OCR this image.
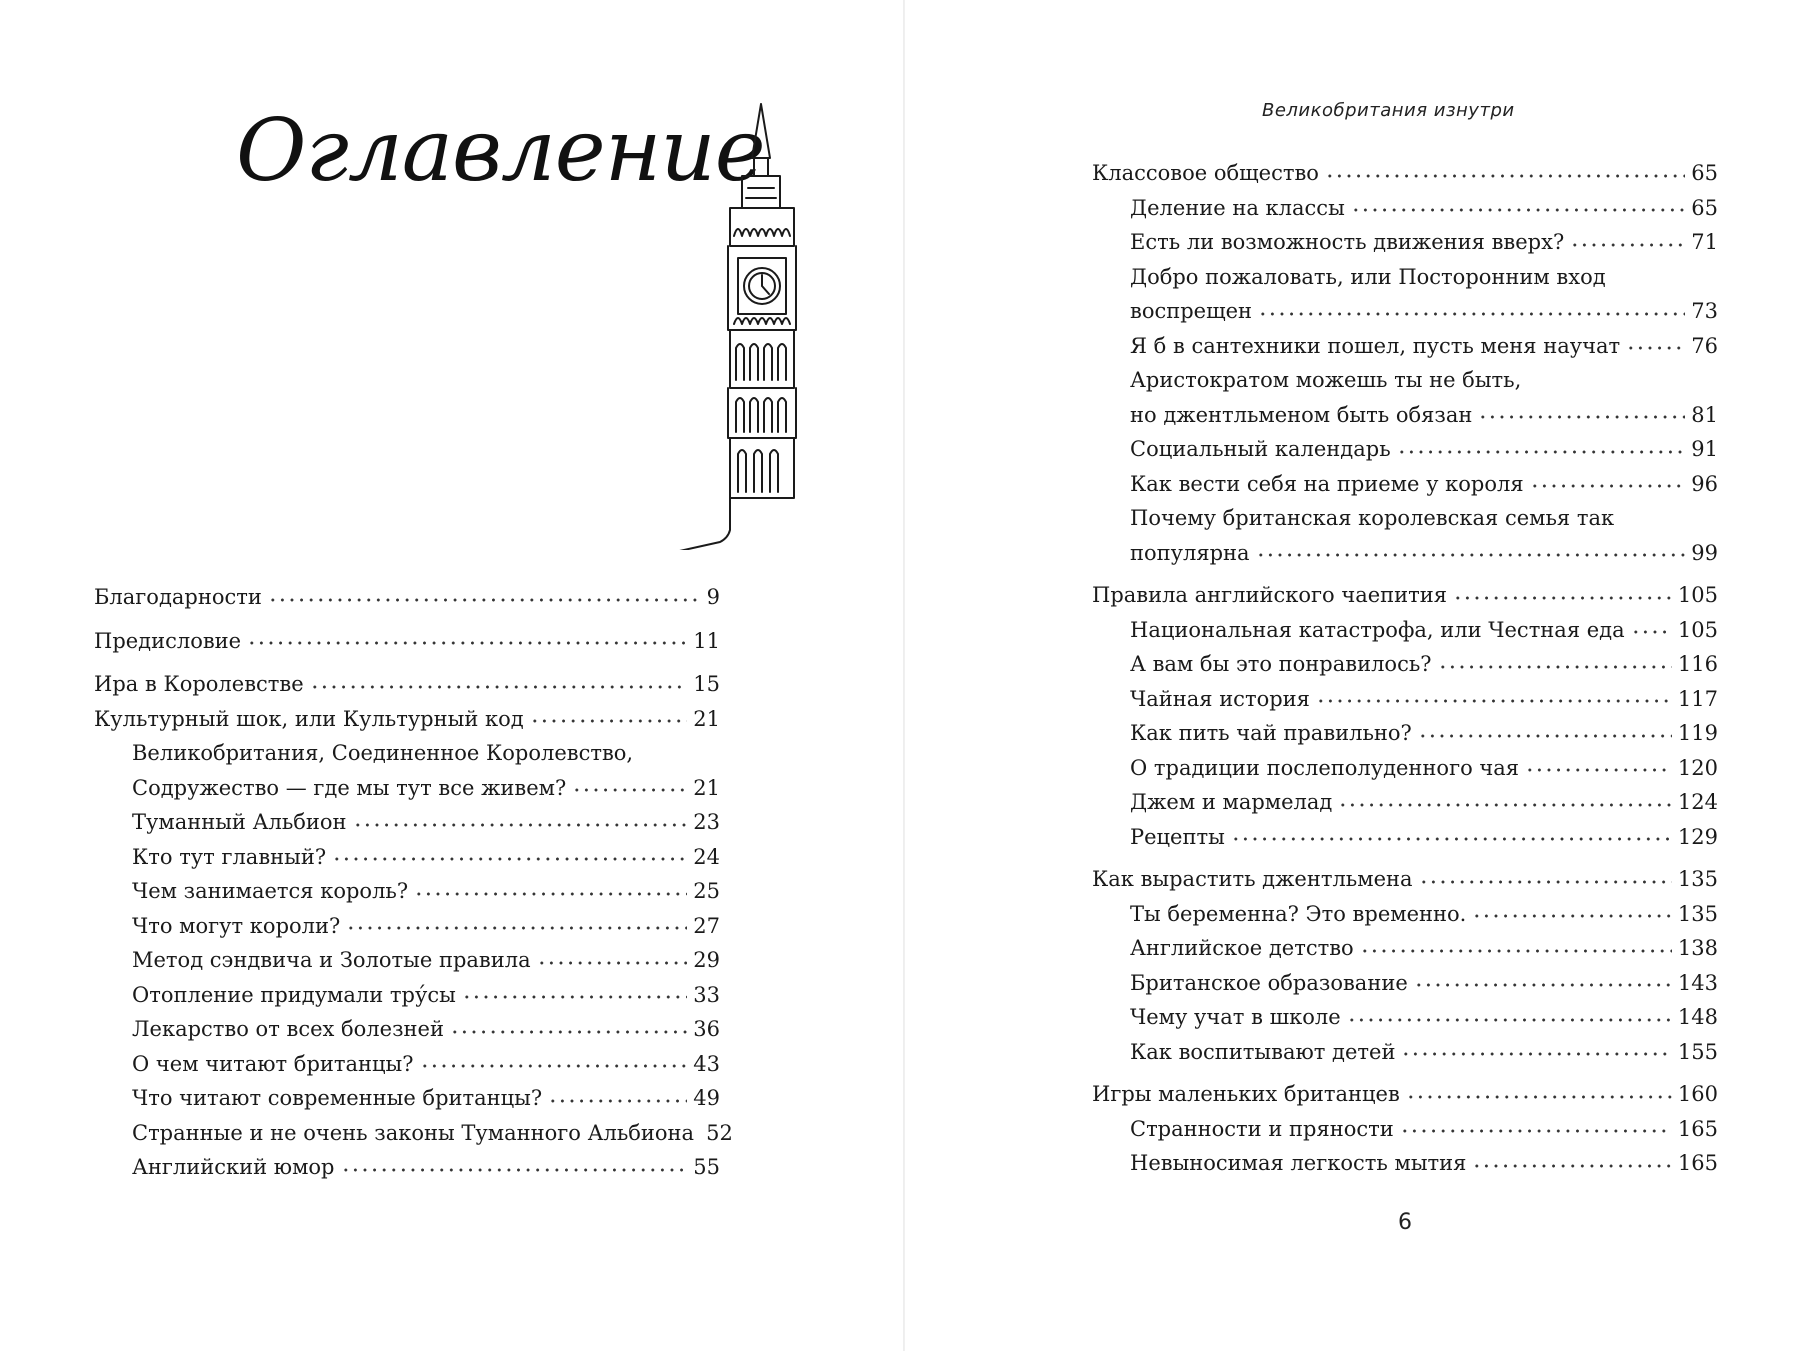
Оглавление
Благодарности	9
Предисловие	11
Ира в Королевстве	15
Культурный шок, или Культурный код	21
Великобритания, Соединенное Королевство,
Содружество — где мы тут все живем?	21
Туманный Альбион	23
Кто тут главный?	24
Чем занимается король?	25
Что могут короли?	27
Метод сэндвича и Золотые правила	29
Отопление придумали тру́сы	33
Лекарство от всех болезней	36
О чем читают британцы?	43
Что читают современные британцы?	49
Странные и не очень законы Туманного Альбиона 52
Английский юмор	55
Великобритания изнутри
Классовое общество	65
Деление на классы	65
Есть ли возможность движения вверх?	71
Добро пожаловать, или Посторонним вход
воспрещен	73
Я б в сантехники пошел, пусть меня научат	76
Аристократом можешь ты не быть,
но джентльменом быть обязан	81
Социальный календарь	91
Как вести себя на приеме у короля	96
Почему британская королевская семья так
популярна	99
Правила английского чаепития	105
Национальная катастрофа, или Честная еда	105
А вам бы это понравилось?	116
Чайная история	117
Как пить чай правильно?	119
О традиции послеполуденного чая	120
Джем и мармелад	124
Рецепты	129
Как вырастить джентльмена	135
Ты беременна? Это временно.	135
Английское детство	138
Британское образование	143
Чему учат в школе	148
Как воспитывают детей	155
Игры маленьких британцев	160
Странности и пряности	165
Невыносимая легкость мытия	165
6
